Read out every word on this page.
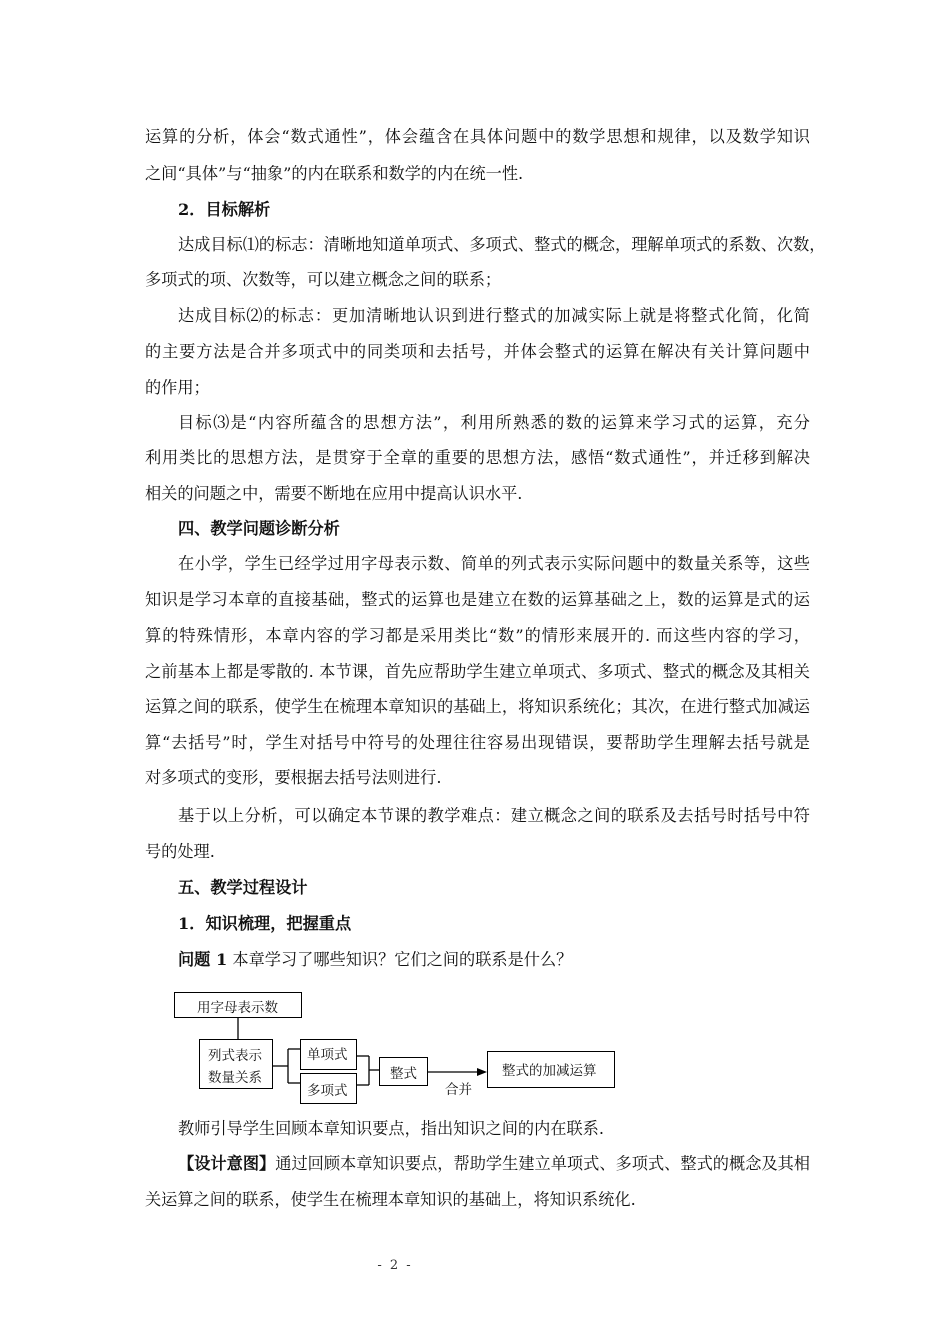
运算的分析，体会“数式通性”，体会蕴含在具体问题中的数学思想和规律，以及数学知识
之间“具体”与“抽象”的内在联系和数学的内在统一性.
2．目标解析
达成目标⑴的标志：清晰地知道单项式、多项式、整式的概念，理解单项式的系数、次数，
多项式的项、次数等，可以建立概念之间的联系；
达成目标⑵的标志：更加清晰地认识到进行整式的加减实际上就是将整式化简，化简
的主要方法是合并多项式中的同类项和去括号，并体会整式的运算在解决有关计算问题中
的作用；
目标⑶是“内容所蕴含的思想方法”，利用所熟悉的数的运算来学习式的运算，充分
利用类比的思想方法，是贯穿于全章的重要的思想方法，感悟“数式通性”，并迁移到解决
相关的问题之中，需要不断地在应用中提高认识水平.
四、教学问题诊断分析
在小学，学生已经学过用字母表示数、简单的列式表示实际问题中的数量关系等，这些
知识是学习本章的直接基础，整式的运算也是建立在数的运算基础之上，数的运算是式的运
算的特殊情形，本章内容的学习都是采用类比“数”的情形来展开的. 而这些内容的学习，
之前基本上都是零散的. 本节课，首先应帮助学生建立单项式、多项式、整式的概念及其相关
运算之间的联系，使学生在梳理本章知识的基础上，将知识系统化；其次，在进行整式加减运
算“去括号”时，学生对括号中符号的处理往往容易出现错误，要帮助学生理解去括号就是
对多项式的变形，要根据去括号法则进行.
基于以上分析，可以确定本节课的教学难点：建立概念之间的联系及去括号时括号中符
号的处理.
五、教学过程设计
1．知识梳理，把握重点
问题 1 本章学习了哪些知识？它们之间的联系是什么？
用字母表示数
列式表示
数量关系
单项式
多项式
整式
合并
整式的加减运算
教师引导学生回顾本章知识要点，指出知识之间的内在联系.
【设计意图】通过回顾本章知识要点，帮助学生建立单项式、多项式、整式的概念及其相
关运算之间的联系，使学生在梳理本章知识的基础上，将知识系统化.
- 2 -
